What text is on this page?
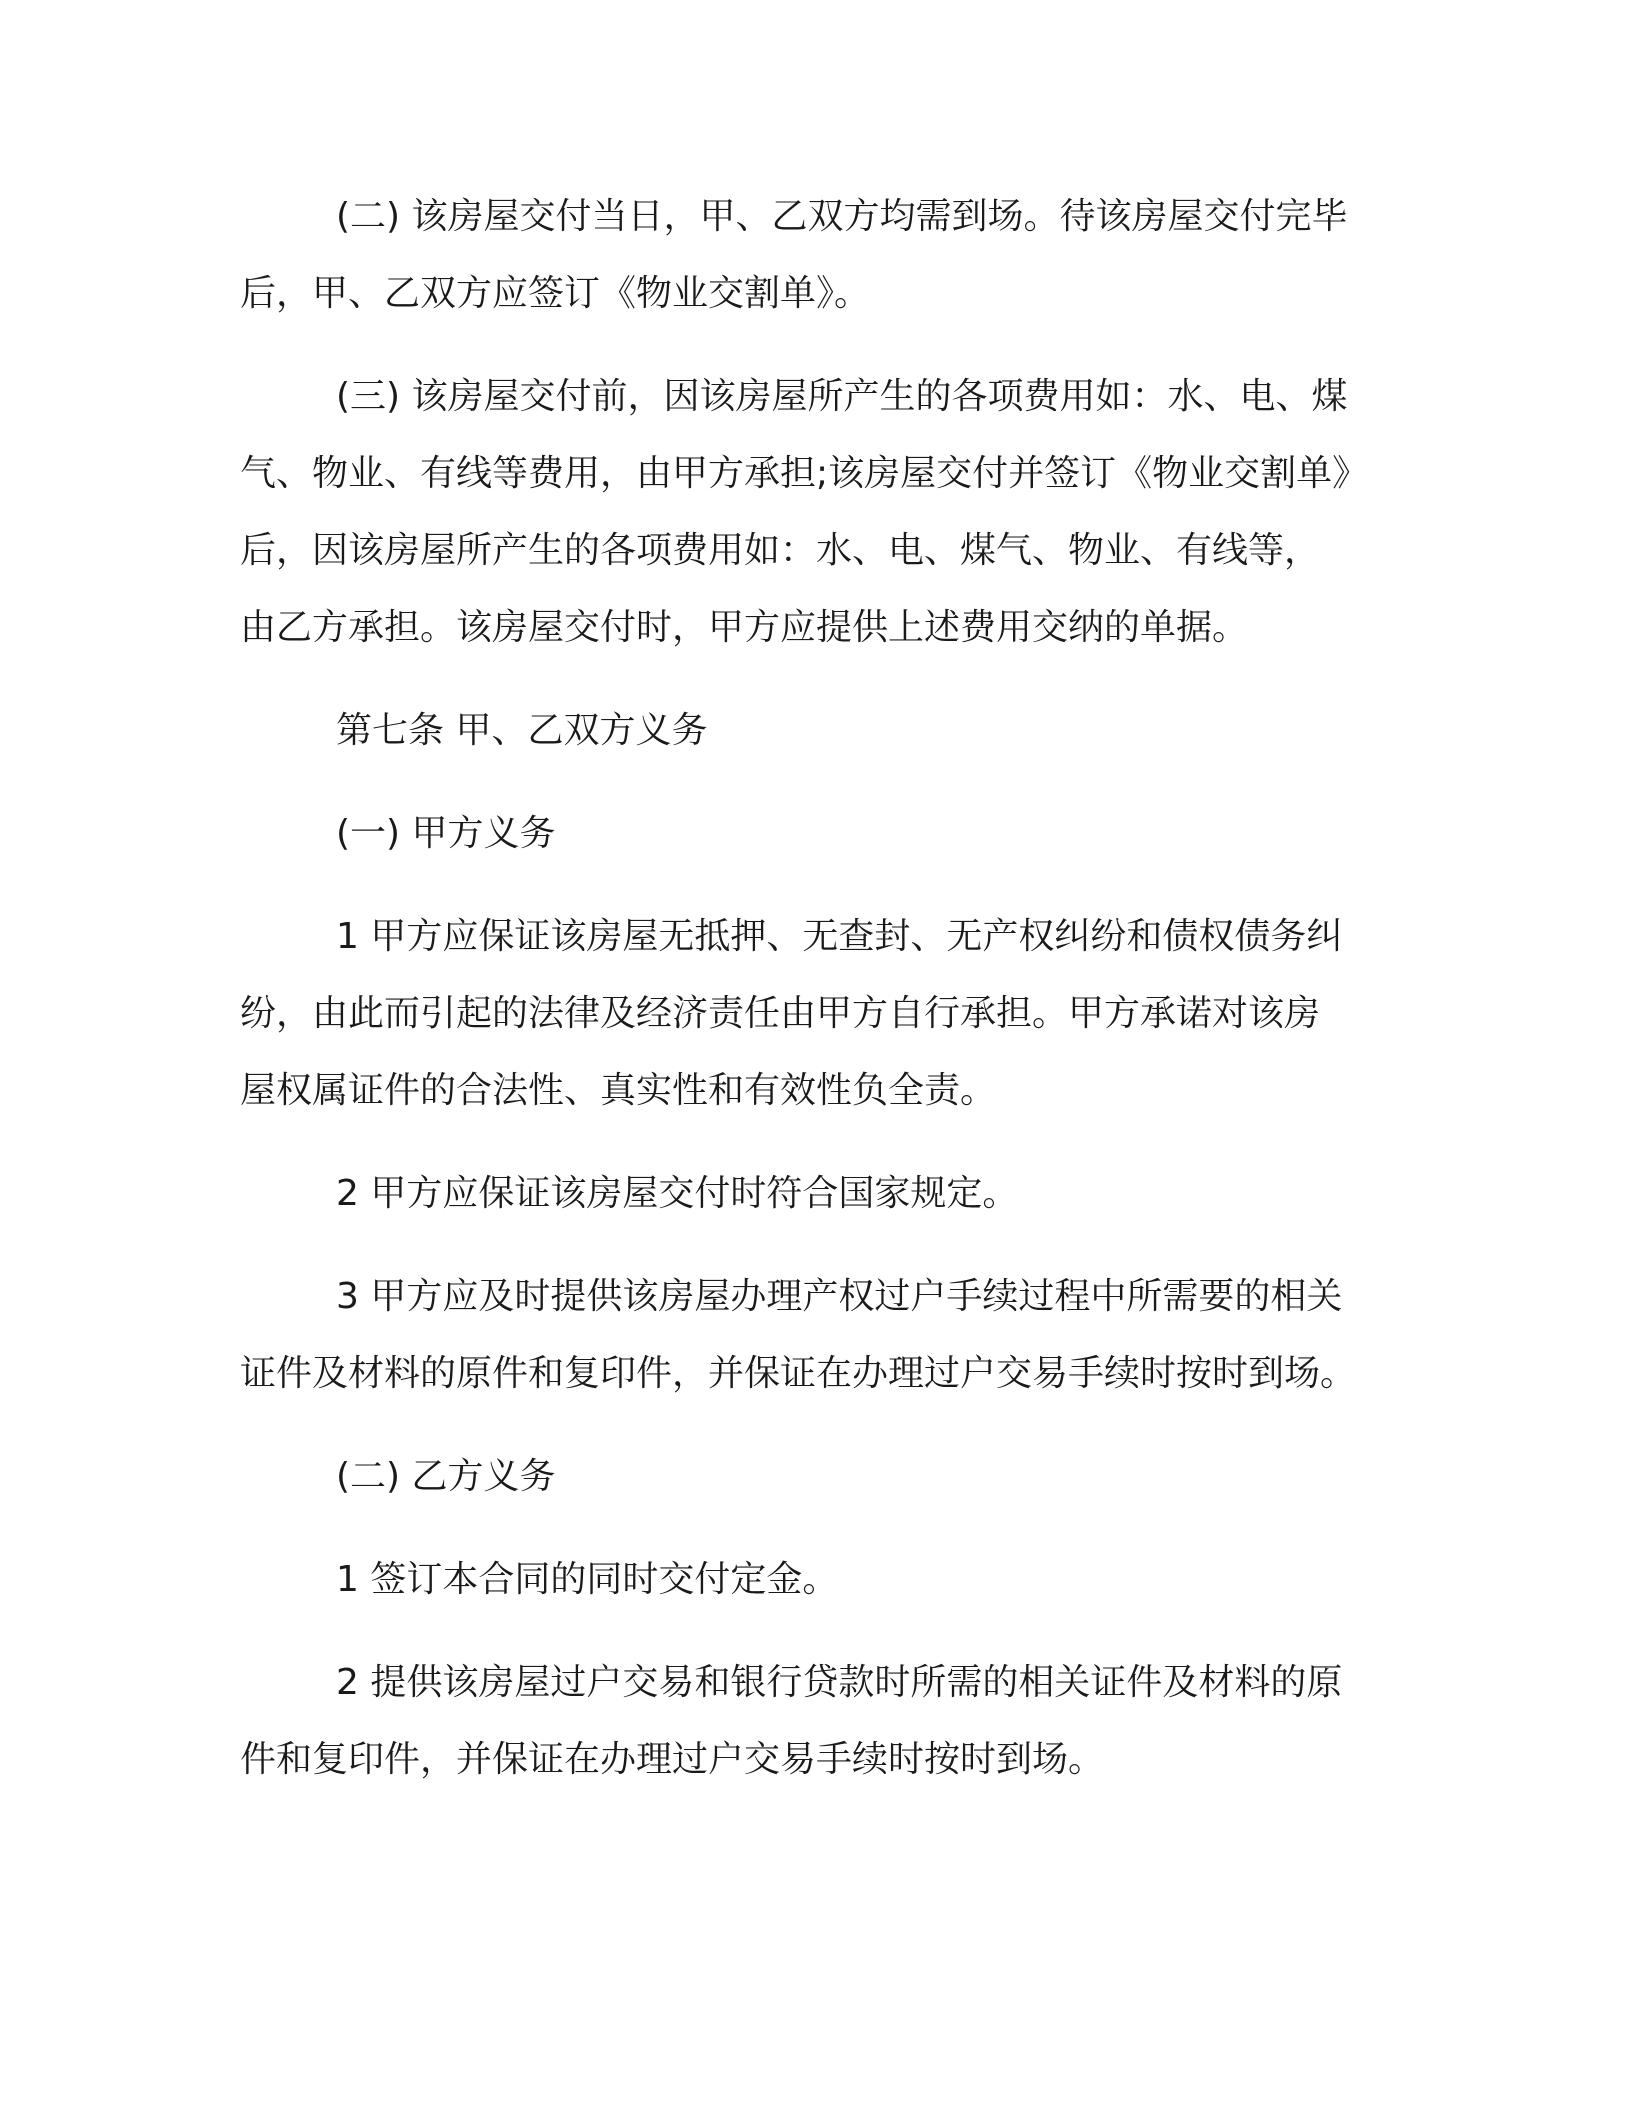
(二) 该房屋交付当日，甲、乙双方均需到场。待该房屋交付完毕
后，甲、乙双方应签订《物业交割单》。
(三) 该房屋交付前，因该房屋所产生的各项费用如：水、电、煤
气、物业、有线等费用，由甲方承担;该房屋交付并签订《物业交割单》
后，因该房屋所产生的各项费用如：水、电、煤气、物业、有线等，
由乙方承担。该房屋交付时，甲方应提供上述费用交纳的单据。
第七条 甲、乙双方义务
(一) 甲方义务
1 甲方应保证该房屋无抵押、无查封、无产权纠纷和债权债务纠
纷，由此而引起的法律及经济责任由甲方自行承担。甲方承诺对该房
屋权属证件的合法性、真实性和有效性负全责。
2 甲方应保证该房屋交付时符合国家规定。
3 甲方应及时提供该房屋办理产权过户手续过程中所需要的相关
证件及材料的原件和复印件，并保证在办理过户交易手续时按时到场。
(二) 乙方义务
1 签订本合同的同时交付定金。
2 提供该房屋过户交易和银行贷款时所需的相关证件及材料的原
件和复印件，并保证在办理过户交易手续时按时到场。
